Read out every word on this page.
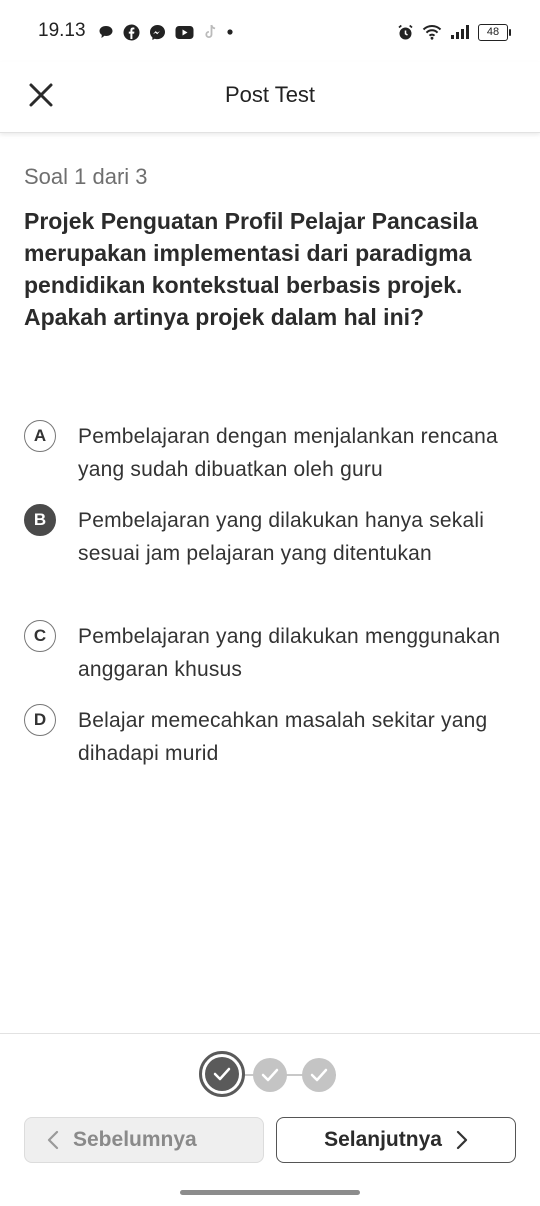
19.13	48
Post Test
Soal 1 dari 3

Projek Penguatan Profil Pelajar Pancasila merupakan implementasi dari paradigma pendidikan kontekstual berbasis projek. Apakah artinya projek dalam hal ini?

A	Pembelajaran dengan menjalankan rencana yang sudah dibuatkan oleh guru
B	Pembelajaran yang dilakukan hanya sekali sesuai jam pelajaran yang ditentukan
C	Pembelajaran yang dilakukan menggunakan anggaran khusus
D	Belajar memecahkan masalah sekitar yang dihadapi murid
Sebelumnya	Selanjutnya
